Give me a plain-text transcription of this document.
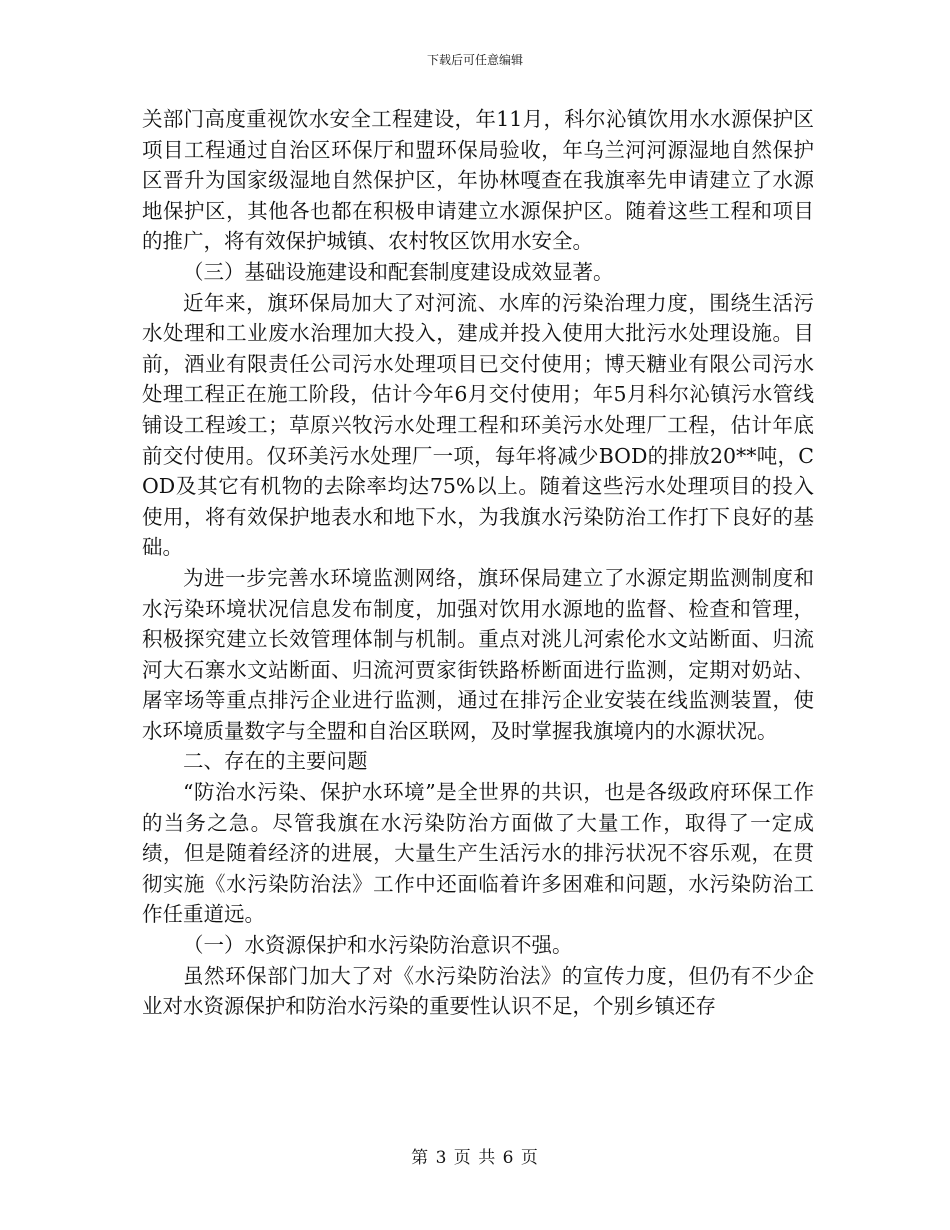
下载后可任意编辑

关部门高度重视饮水安全工程建设，年11月，科尔沁镇饮用水水源保护区项目工程通过自治区环保厅和盟环保局验收，年乌兰河河源湿地自然保护区晋升为国家级湿地自然保护区，年协林嘎查在我旗率先申请建立了水源地保护区，其他各也都在积极申请建立水源保护区。随着这些工程和项目的推广，将有效保护城镇、农村牧区饮用水安全。

（三）基础设施建设和配套制度建设成效显著。

近年来，旗环保局加大了对河流、水库的污染治理力度，围绕生活污水处理和工业废水治理加大投入，建成并投入使用大批污水处理设施。目前，酒业有限责任公司污水处理项目已交付使用；博天糖业有限公司污水处理工程正在施工阶段，估计今年6月交付使用；年5月科尔沁镇污水管线铺设工程竣工；草原兴牧污水处理工程和环美污水处理厂工程，估计年底前交付使用。仅环美污水处理厂一项，每年将减少BOD的排放20**吨，COD及其它有机物的去除率均达75%以上。随着这些污水处理项目的投入使用，将有效保护地表水和地下水，为我旗水污染防治工作打下良好的基础。

为进一步完善水环境监测网络，旗环保局建立了水源定期监测制度和水污染环境状况信息发布制度，加强对饮用水源地的监督、检查和管理，积极探究建立长效管理体制与机制。重点对洮儿河索伦水文站断面、归流河大石寨水文站断面、归流河贾家街铁路桥断面进行监测，定期对奶站、屠宰场等重点排污企业进行监测，通过在排污企业安装在线监测装置，使水环境质量数字与全盟和自治区联网，及时掌握我旗境内的水源状况。

二、存在的主要问题

“防治水污染、保护水环境”是全世界的共识，也是各级政府环保工作的当务之急。尽管我旗在水污染防治方面做了大量工作，取得了一定成绩，但是随着经济的进展，大量生产生活污水的排污状况不容乐观，在贯彻实施《水污染防治法》工作中还面临着许多困难和问题，水污染防治工作任重道远。

（一）水资源保护和水污染防治意识不强。

虽然环保部门加大了对《水污染防治法》的宣传力度，但仍有不少企业对水资源保护和防治水污染的重要性认识不足，个别乡镇还存

第 3 页 共 6 页
